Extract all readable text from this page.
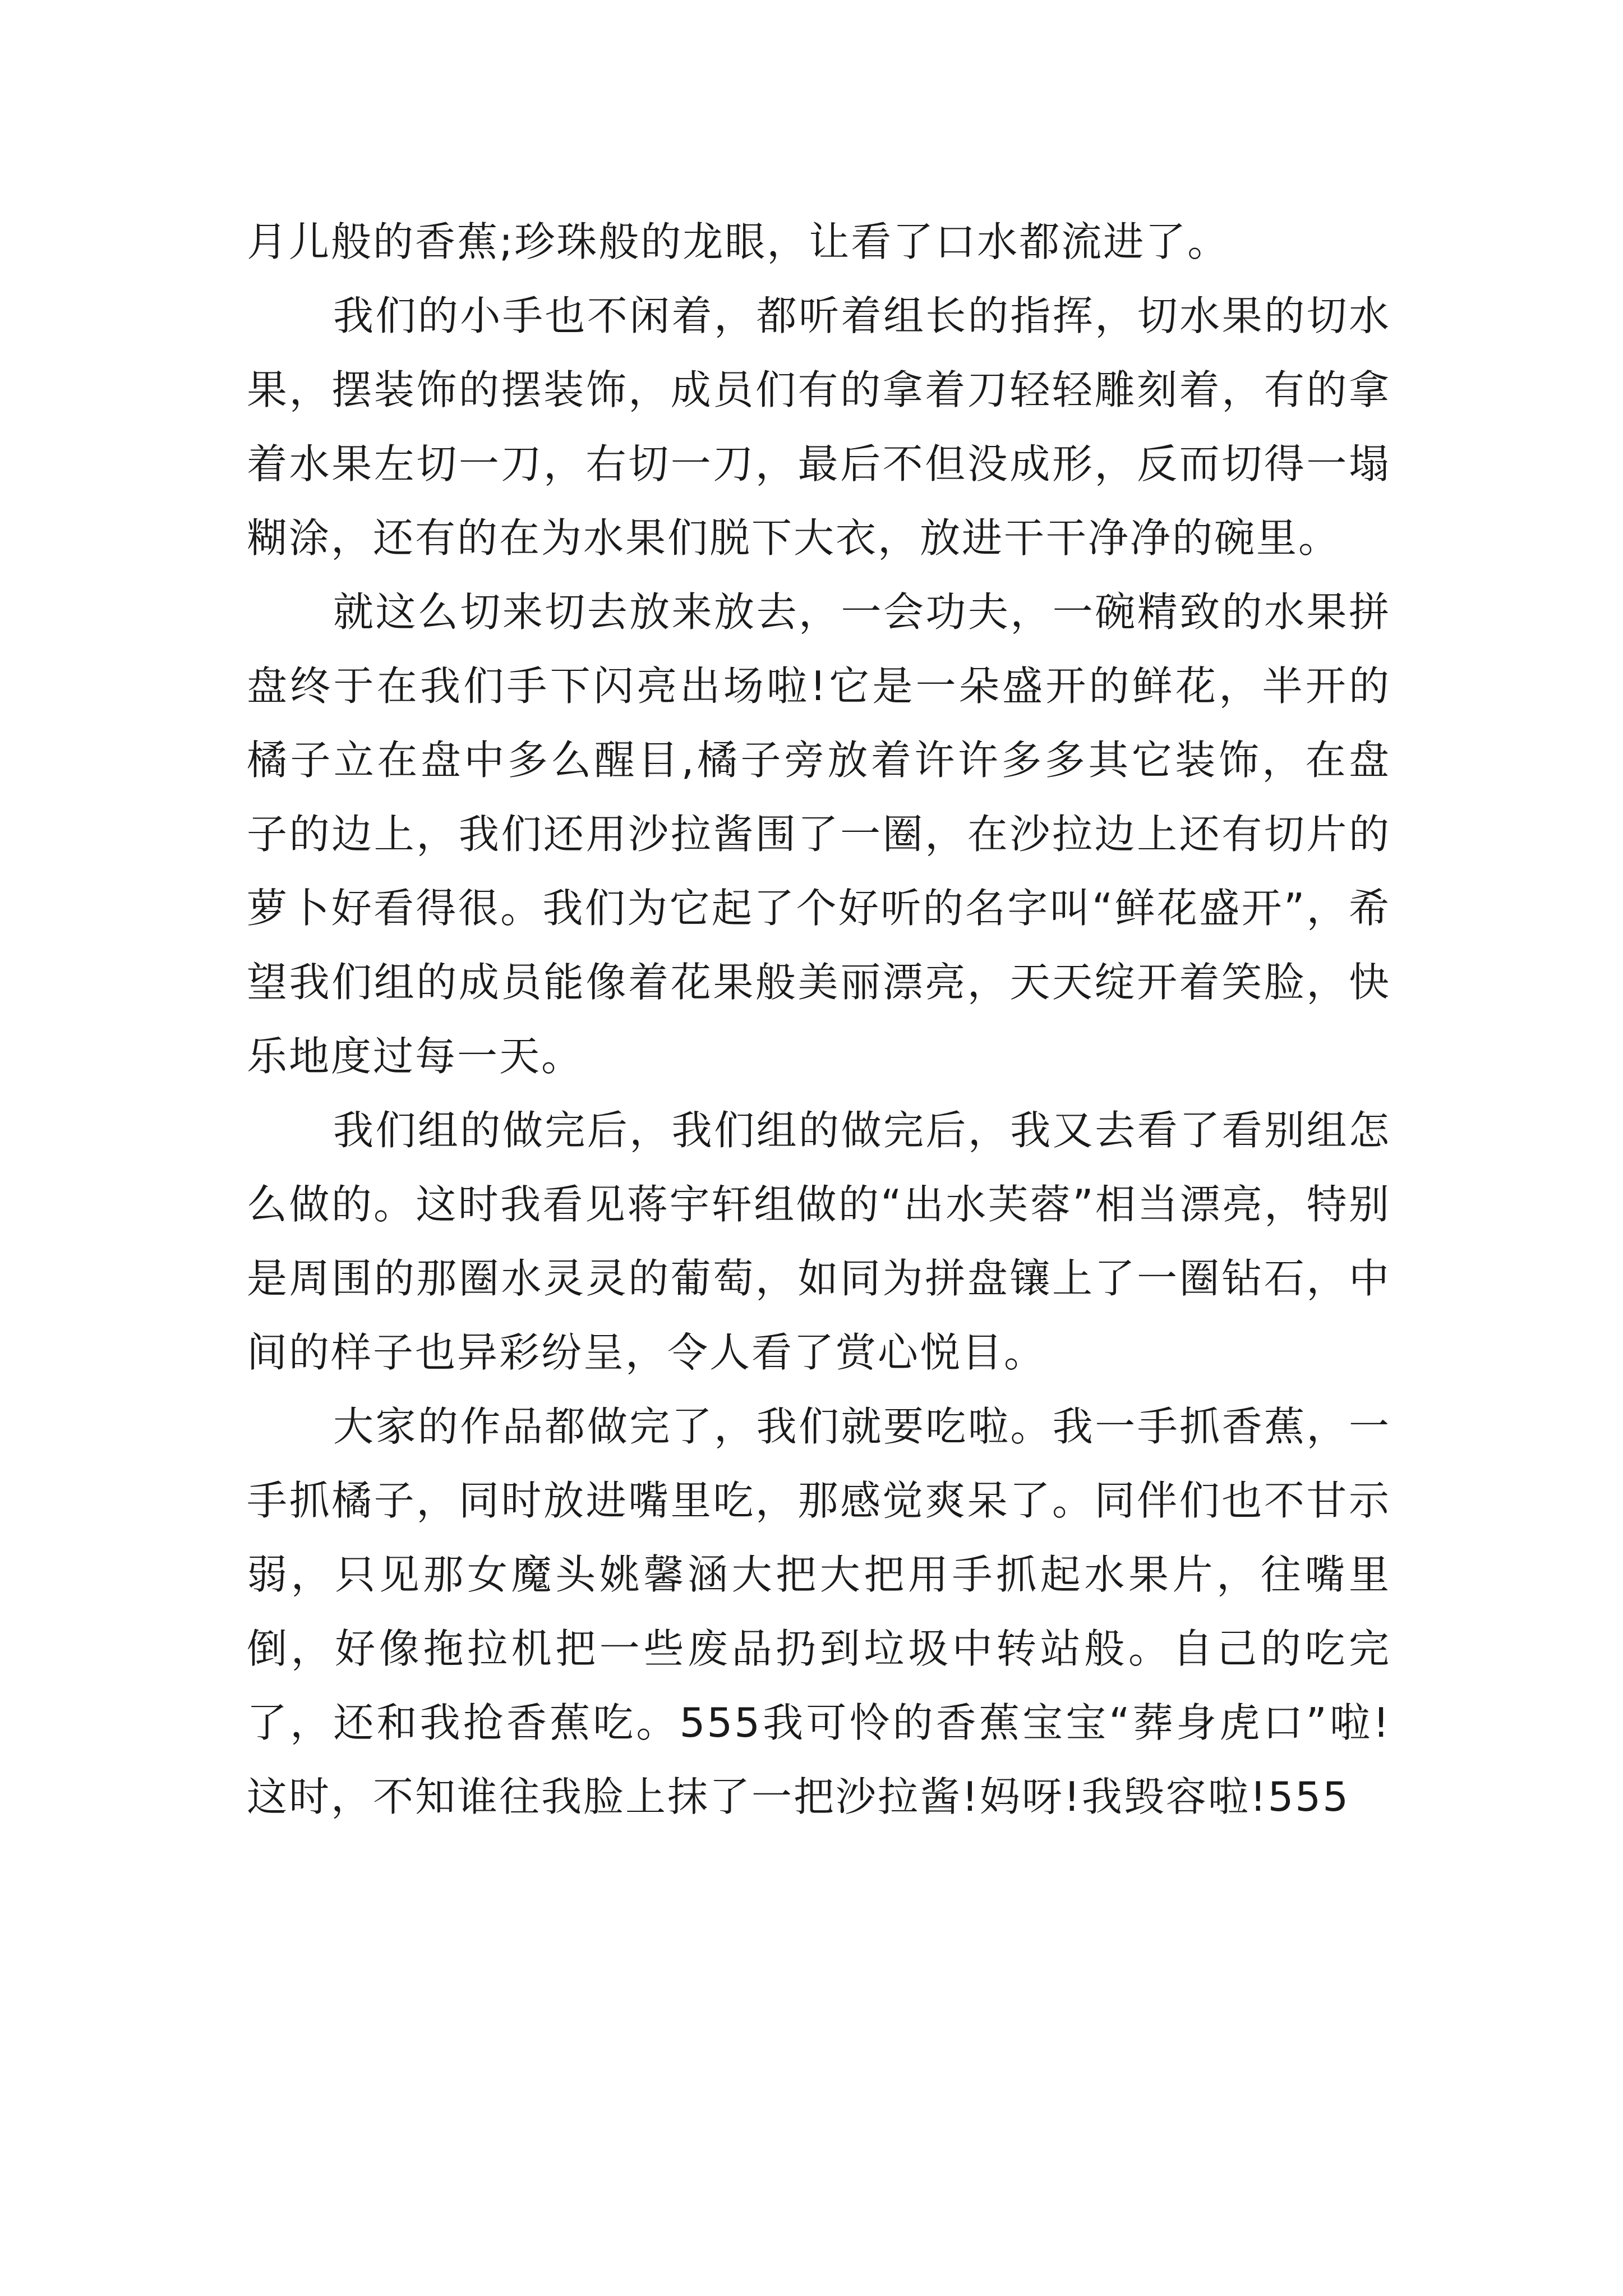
月儿般的香蕉;珍珠般的龙眼，让看了口水都流进了。

我们的小手也不闲着，都听着组长的指挥，切水果的切水果，摆装饰的摆装饰，成员们有的拿着刀轻轻雕刻着，有的拿着水果左切一刀，右切一刀，最后不但没成形，反而切得一塌糊涂，还有的在为水果们脱下大衣，放进干干净净的碗里。

就这么切来切去放来放去，一会功夫，一碗精致的水果拼盘终于在我们手下闪亮出场啦!它是一朵盛开的鲜花，半开的橘子立在盘中多么醒目,橘子旁放着许许多多其它装饰，在盘子的边上，我们还用沙拉酱围了一圈，在沙拉边上还有切片的萝卜好看得很。我们为它起了个好听的名字叫“鲜花盛开”，希望我们组的成员能像着花果般美丽漂亮，天天绽开着笑脸，快乐地度过每一天。

我们组的做完后，我们组的做完后，我又去看了看别组怎么做的。这时我看见蒋宇轩组做的“出水芙蓉”相当漂亮，特别是周围的那圈水灵灵的葡萄，如同为拼盘镶上了一圈钻石，中间的样子也异彩纷呈，令人看了赏心悦目。

大家的作品都做完了，我们就要吃啦。我一手抓香蕉，一手抓橘子，同时放进嘴里吃，那感觉爽呆了。同伴们也不甘示弱，只见那女魔头姚馨涵大把大把用手抓起水果片，往嘴里倒，好像拖拉机把一些废品扔到垃圾中转站般。自己的吃完了，还和我抢香蕉吃。555我可怜的香蕉宝宝“葬身虎口”啦!这时，不知谁往我脸上抹了一把沙拉酱!妈呀!我毁容啦!555
